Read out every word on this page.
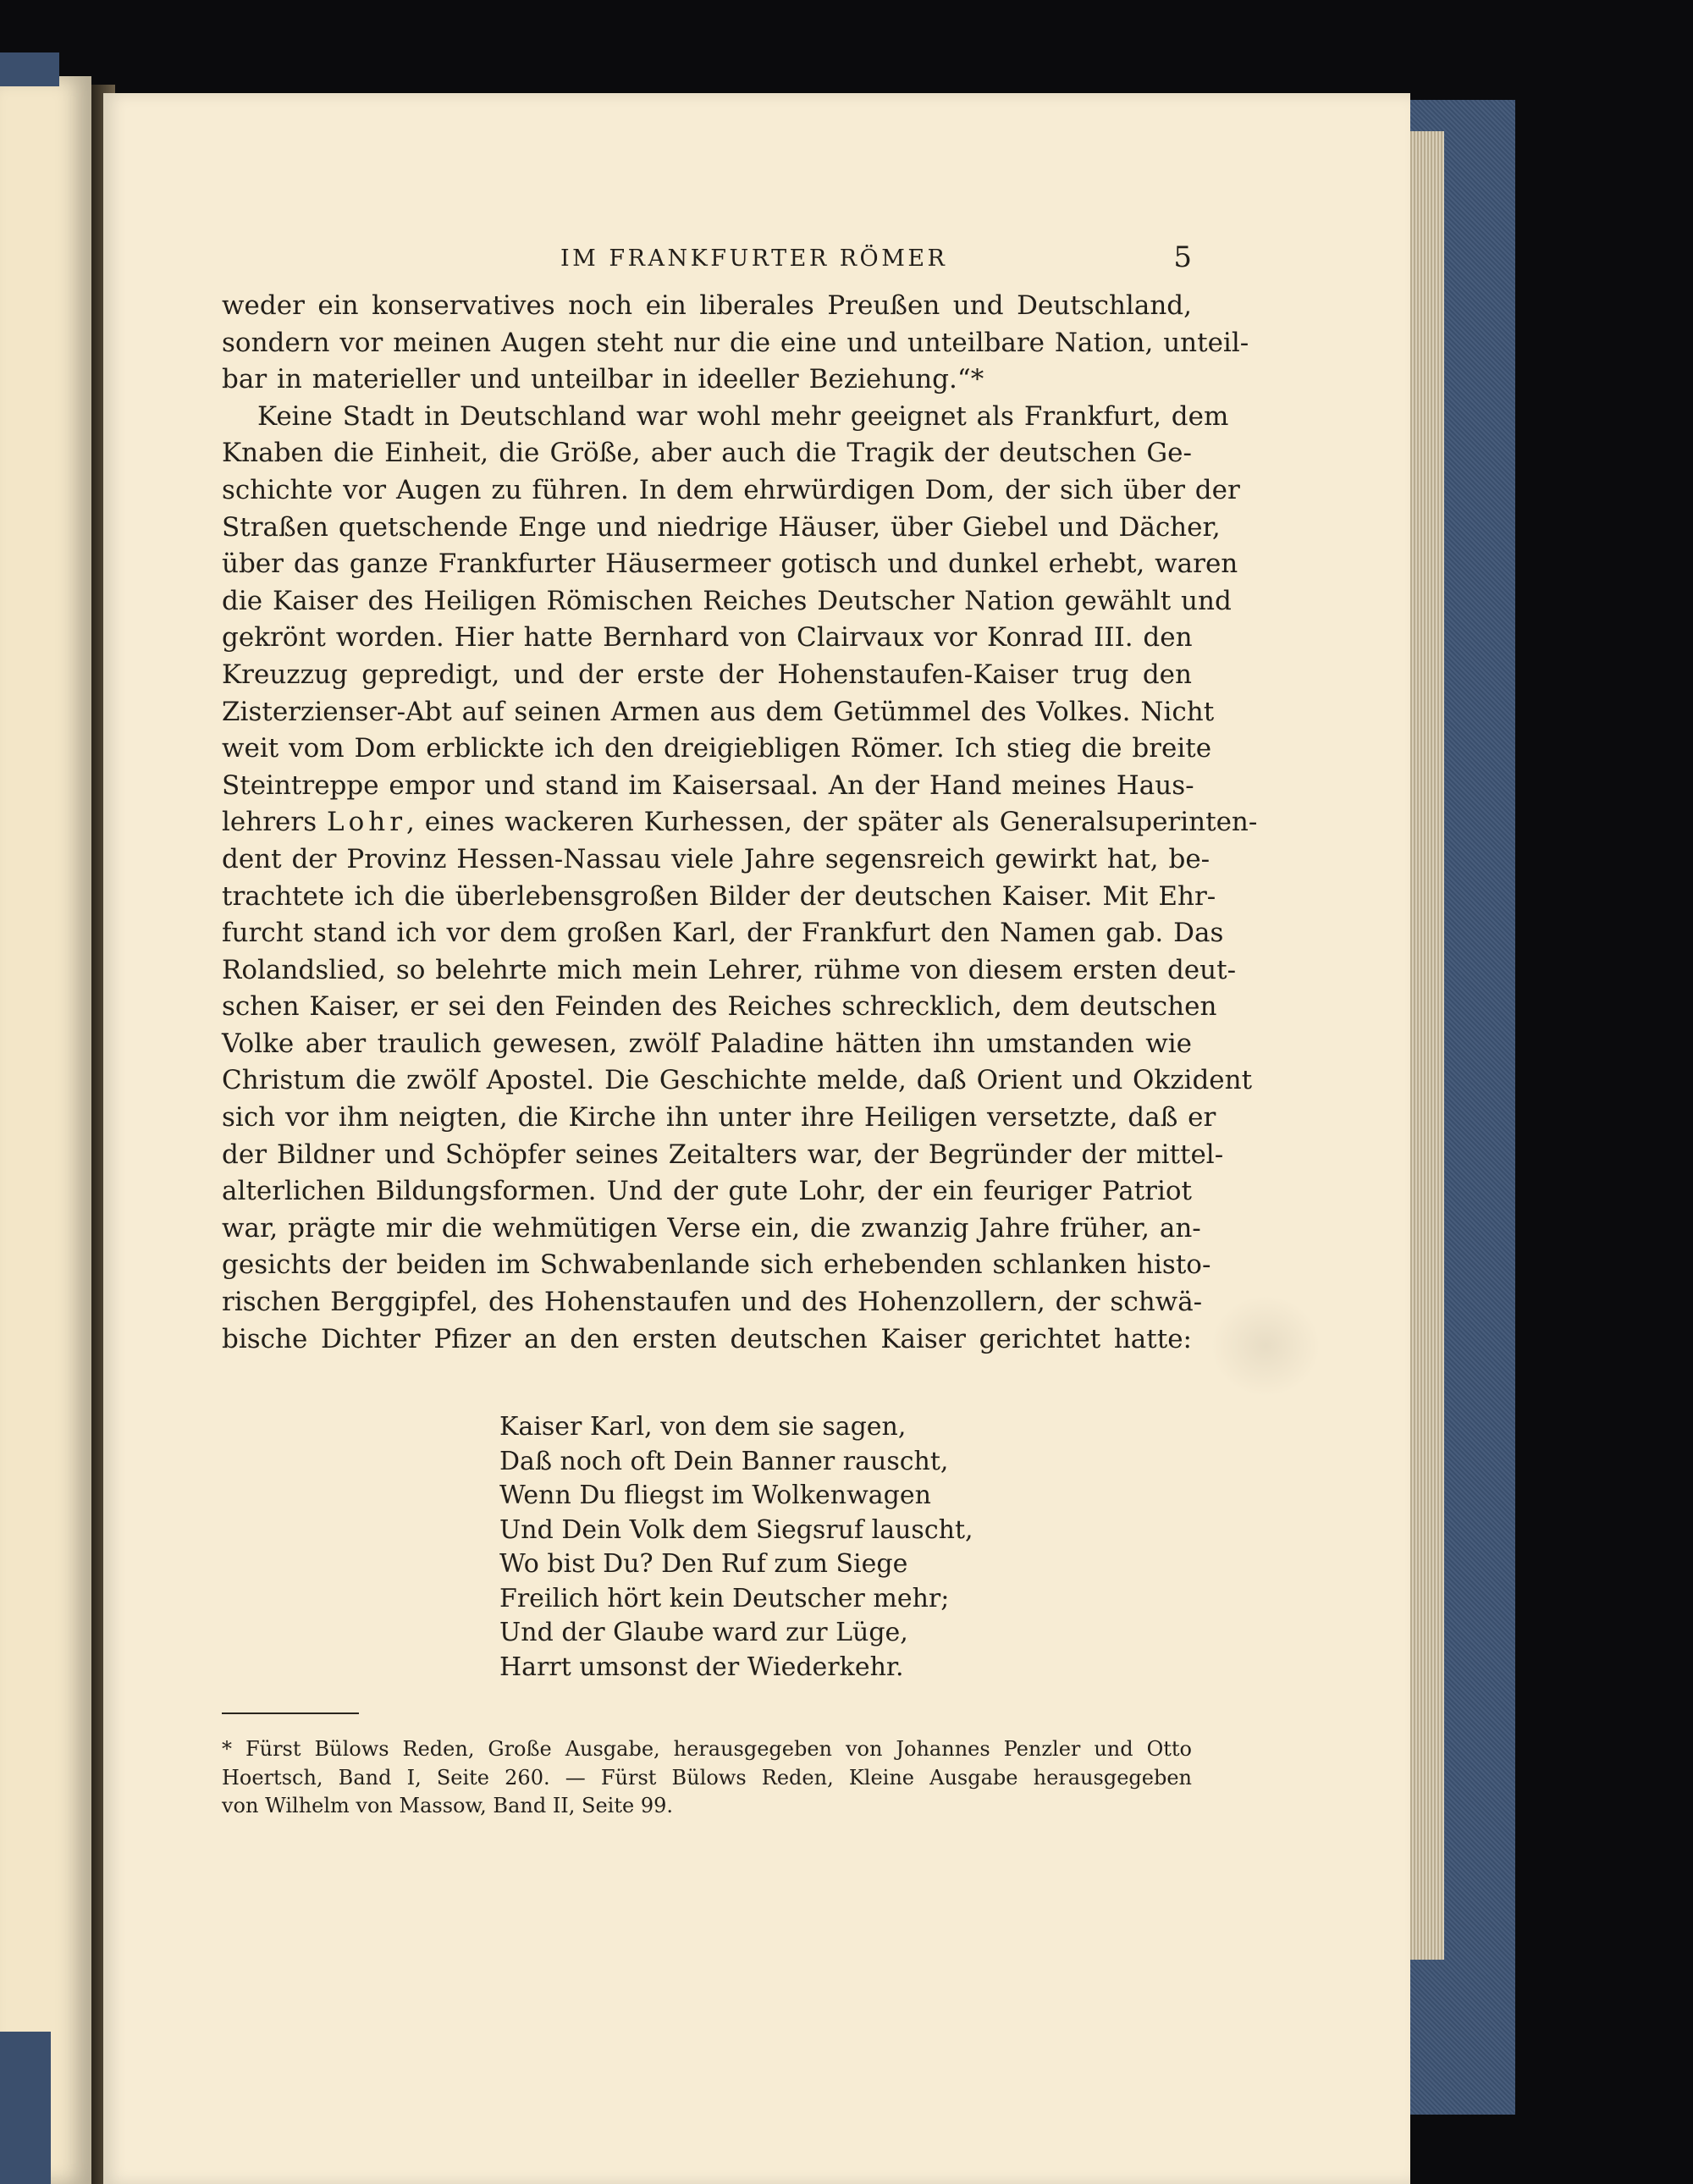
IM FRANKFURTER RÖMER	5
weder ein konservatives noch ein liberales Preußen und Deutschland,
sondern vor meinen Augen steht nur die eine und unteilbare Nation, unteil-
bar in materieller und unteilbar in ideeller Beziehung.“*
Keine Stadt in Deutschland war wohl mehr geeignet als Frankfurt, dem
Knaben die Einheit, die Größe, aber auch die Tragik der deutschen Ge-
schichte vor Augen zu führen. In dem ehrwürdigen Dom, der sich über der
Straßen quetschende Enge und niedrige Häuser, über Giebel und Dächer,
über das ganze Frankfurter Häusermeer gotisch und dunkel erhebt, waren
die Kaiser des Heiligen Römischen Reiches Deutscher Nation gewählt und
gekrönt worden. Hier hatte Bernhard von Clairvaux vor Konrad III. den
Kreuzzug gepredigt, und der erste der Hohenstaufen-Kaiser trug den
Zisterzienser-Abt auf seinen Armen aus dem Getümmel des Volkes. Nicht
weit vom Dom erblickte ich den dreigiebligen Römer. Ich stieg die breite
Steintreppe empor und stand im Kaisersaal. An der Hand meines Haus-
lehrers Lohr, eines wackeren Kurhessen, der später als Generalsuperinten-
dent der Provinz Hessen-Nassau viele Jahre segensreich gewirkt hat, be-
trachtete ich die überlebensgroßen Bilder der deutschen Kaiser. Mit Ehr-
furcht stand ich vor dem großen Karl, der Frankfurt den Namen gab. Das
Rolandslied, so belehrte mich mein Lehrer, rühme von diesem ersten deut-
schen Kaiser, er sei den Feinden des Reiches schrecklich, dem deutschen
Volke aber traulich gewesen, zwölf Paladine hätten ihn umstanden wie
Christum die zwölf Apostel. Die Geschichte melde, daß Orient und Okzident
sich vor ihm neigten, die Kirche ihn unter ihre Heiligen versetzte, daß er
der Bildner und Schöpfer seines Zeitalters war, der Begründer der mittel-
alterlichen Bildungsformen. Und der gute Lohr, der ein feuriger Patriot
war, prägte mir die wehmütigen Verse ein, die zwanzig Jahre früher, an-
gesichts der beiden im Schwabenlande sich erhebenden schlanken histo-
rischen Berggipfel, des Hohenstaufen und des Hohenzollern, der schwä-
bische Dichter Pfizer an den ersten deutschen Kaiser gerichtet hatte:
Kaiser Karl, von dem sie sagen,
Daß noch oft Dein Banner rauscht,
Wenn Du fliegst im Wolkenwagen
Und Dein Volk dem Siegsruf lauscht,
Wo bist Du? Den Ruf zum Siege
Freilich hört kein Deutscher mehr;
Und der Glaube ward zur Lüge,
Harrt umsonst der Wiederkehr.
* Fürst Bülows Reden, Große Ausgabe, herausgegeben von Johannes Penzler und Otto
Hoertsch, Band I, Seite 260. — Fürst Bülows Reden, Kleine Ausgabe herausgegeben
von Wilhelm von Massow, Band II, Seite 99.
